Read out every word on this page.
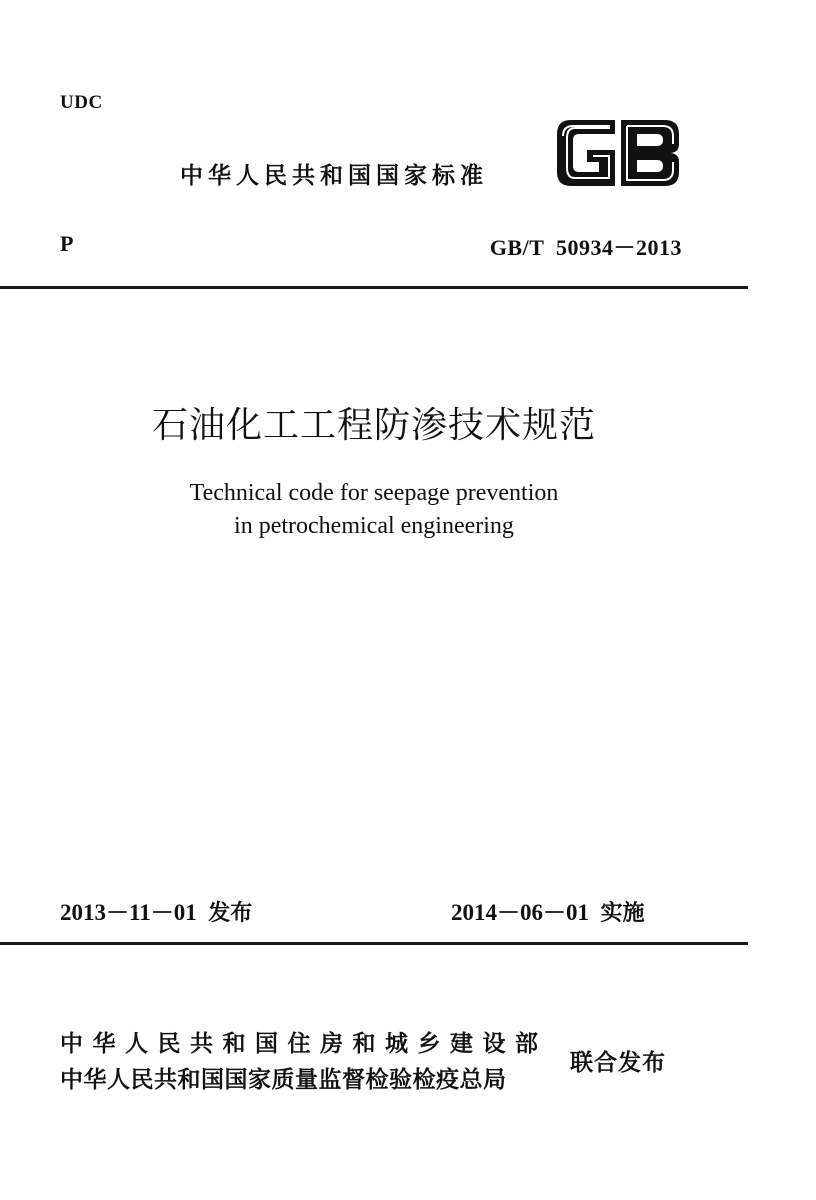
UDC
中华人民共和国国家标准
P	GB/T  50934－2013
石油化工工程防渗技术规范
Technical code for seepage prevention
in petrochemical engineering
2013－11－01 发布	2014－06－01 实施
中华人民共和国住房和城乡建设部
中华人民共和国国家质量监督检验检疫总局
联合发布
